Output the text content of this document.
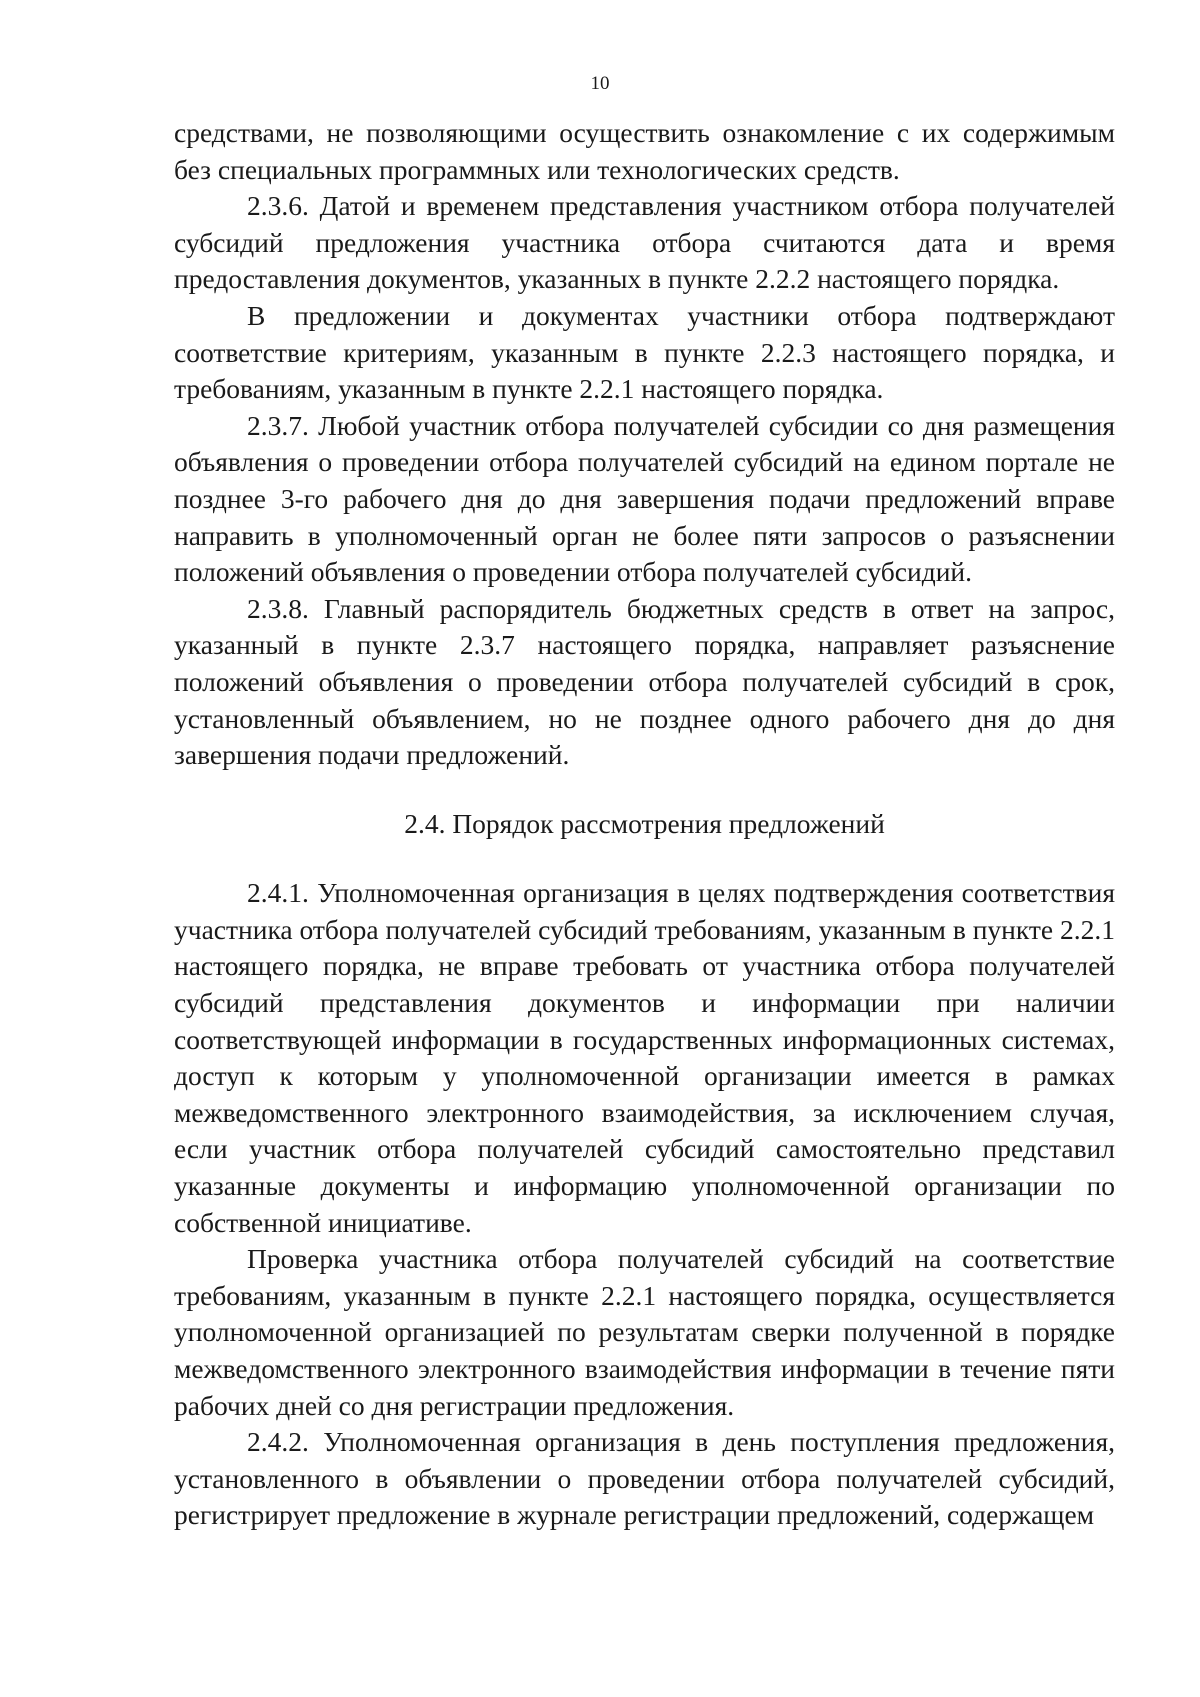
10

средствами, не позволяющими осуществить ознакомление с их содержимым без специальных программных или технологических средств.

2.3.6. Датой и временем представления участником отбора получателей субсидий предложения участника отбора считаются дата и время предоставления документов, указанных в пункте 2.2.2 настоящего порядка.

В предложении и документах участники отбора подтверждают соответствие критериям, указанным в пункте 2.2.3 настоящего порядка, и требованиям, указанным в пункте 2.2.1 настоящего порядка.

2.3.7. Любой участник отбора получателей субсидии со дня размещения объявления о проведении отбора получателей субсидий на едином портале не позднее 3-го рабочего дня до дня завершения подачи предложений вправе направить в уполномоченный орган не более пяти запросов о разъяснении положений объявления о проведении отбора получателей субсидий.

2.3.8. Главный распорядитель бюджетных средств в ответ на запрос, указанный в пункте 2.3.7 настоящего порядка, направляет разъяснение положений объявления о проведении отбора получателей субсидий в срок, установленный объявлением, но не позднее одного рабочего дня до дня завершения подачи предложений.

2.4. Порядок рассмотрения предложений

2.4.1. Уполномоченная организация в целях подтверждения соответствия участника отбора получателей субсидий требованиям, указанным в пункте 2.2.1 настоящего порядка, не вправе требовать от участника отбора получателей субсидий представления документов и информации при наличии соответствующей информации в государственных информационных системах, доступ к которым у уполномоченной организации имеется в рамках межведомственного электронного взаимодействия, за исключением случая, если участник отбора получателей субсидий самостоятельно представил указанные документы и информацию уполномоченной организации по собственной инициативе.

Проверка участника отбора получателей субсидий на соответствие требованиям, указанным в пункте 2.2.1 настоящего порядка, осуществляется уполномоченной организацией по результатам сверки полученной в порядке межведомственного электронного взаимодействия информации в течение пяти рабочих дней со дня регистрации предложения.

2.4.2. Уполномоченная организация в день поступления предложения, установленного в объявлении о проведении отбора получателей субсидий, регистрирует предложение в журнале регистрации предложений, содержащем
